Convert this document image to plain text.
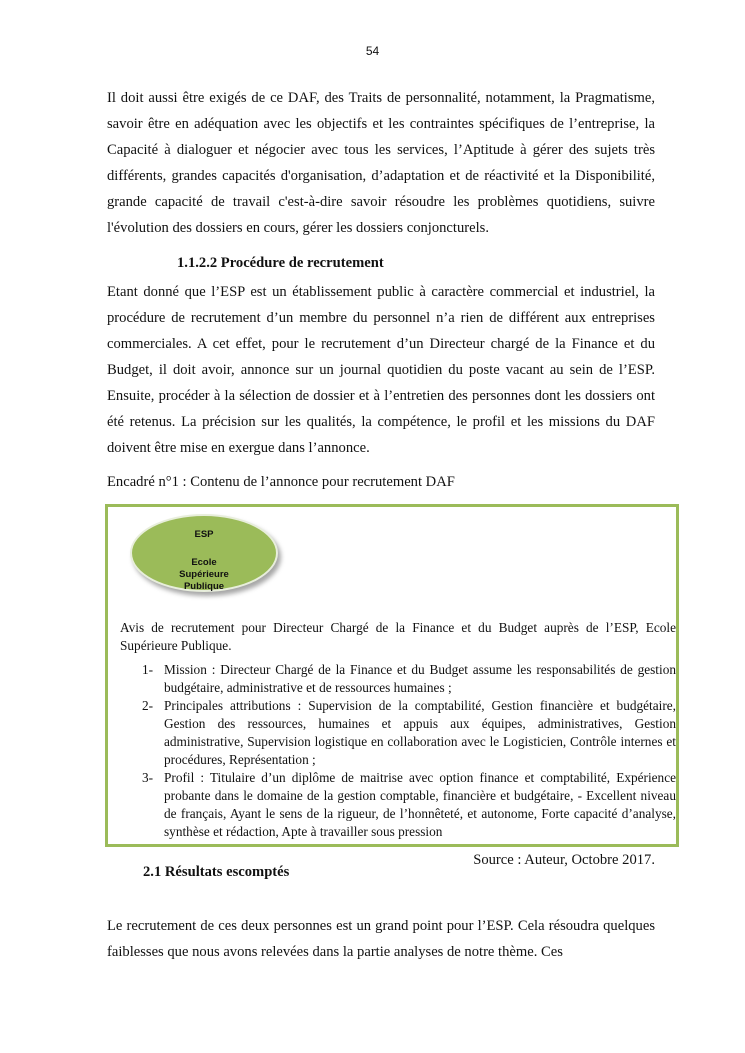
54

Il doit aussi être exigés de ce DAF, des Traits de personnalité, notamment, la Pragmatisme, savoir être en adéquation avec les objectifs et les contraintes spécifiques de l’entreprise, la Capacité à dialoguer et négocier avec tous les services, l’Aptitude à gérer des sujets très différents, grandes capacités d'organisation, d’adaptation et de réactivité et la Disponibilité, grande capacité de travail c'est-à-dire savoir résoudre les problèmes quotidiens, suivre l'évolution des dossiers en cours, gérer les dossiers conjoncturels.

1.1.2.2 Procédure de recrutement

Etant donné que l’ESP est un établissement public à caractère commercial et industriel, la procédure de recrutement d’un membre du personnel n’a rien de différent aux entreprises commerciales. A cet effet, pour le recrutement d’un Directeur chargé de la Finance et du Budget, il doit avoir, annonce sur un journal quotidien du poste vacant au sein de l’ESP. Ensuite, procéder à la sélection de dossier et à l’entretien des personnes dont les dossiers ont été retenus. La précision sur les qualités, la compétence, le profil et les missions du DAF doivent être mise en exergue dans l’annonce.

Encadré n°1 : Contenu de l’annonce pour recrutement DAF

ESP
Ecole Supérieure Publique

Avis de recrutement pour Directeur Chargé de la Finance et du Budget auprès de l’ESP, Ecole Supérieure Publique.

1- Mission : Directeur Chargé de la Finance et du Budget assume les responsabilités de gestion budgétaire, administrative et de ressources humaines ;
2- Principales attributions : Supervision de la comptabilité, Gestion financière et budgétaire, Gestion des ressources, humaines et appuis aux équipes, administratives, Gestion administrative, Supervision logistique en collaboration avec le Logisticien, Contrôle internes et procédures, Représentation ;
3- Profil : Titulaire d’un diplôme de maitrise avec option finance et comptabilité, Expérience probante dans le domaine de la gestion comptable, financière et budgétaire, - Excellent niveau de français, Ayant le sens de la rigueur, de l’honnêteté, et autonome, Forte capacité d’analyse, synthèse et rédaction, Apte à travailler sous pression

Source : Auteur, Octobre 2017.

2.1 Résultats escomptés

Le recrutement de ces deux personnes est un grand point pour l’ESP. Cela résoudra quelques faiblesses que nous avons relevées dans la partie analyses de notre thème. Ces
